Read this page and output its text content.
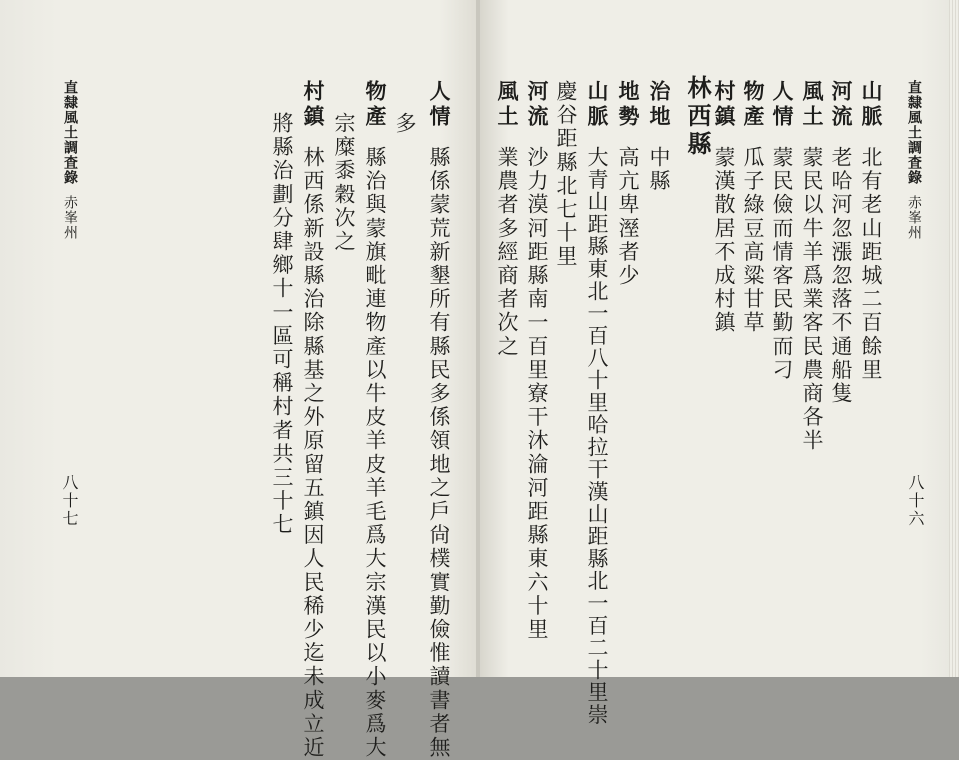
直隸風土調査錄赤峯州
八十七
人情縣係蒙荒新墾所有縣民多係領地之戶尙樸實勤儉惟讀書者無
多
物產縣治與蒙旗毗連物產以牛皮羊皮羊毛爲大宗漢民以小麥爲大
宗糜黍穀次之
村鎮林西係新設縣治除縣基之外原留五鎮因人民稀少迄未成立近
將縣治劃分肆鄉十一區可稱村者共三十七	直隸風土調査錄赤峯州
八十六
山脈北有老山距城二百餘里
河流老哈河忽漲忽落不通船隻
風土蒙民以牛羊爲業客民農商各半
人情蒙民儉而情客民勤而刁
物產瓜子綠豆高粱甘草
村鎮蒙漢散居不成村鎮
林西縣
治地中縣
地勢高亢卑溼者少
山脈大青山距縣東北一百八十里哈拉干漢山距縣北一百二十里崇
慶谷距縣北七十里
河流沙力漠河距縣南一百里寮干沐淪河距縣東六十里
風土業農者多經商者次之
